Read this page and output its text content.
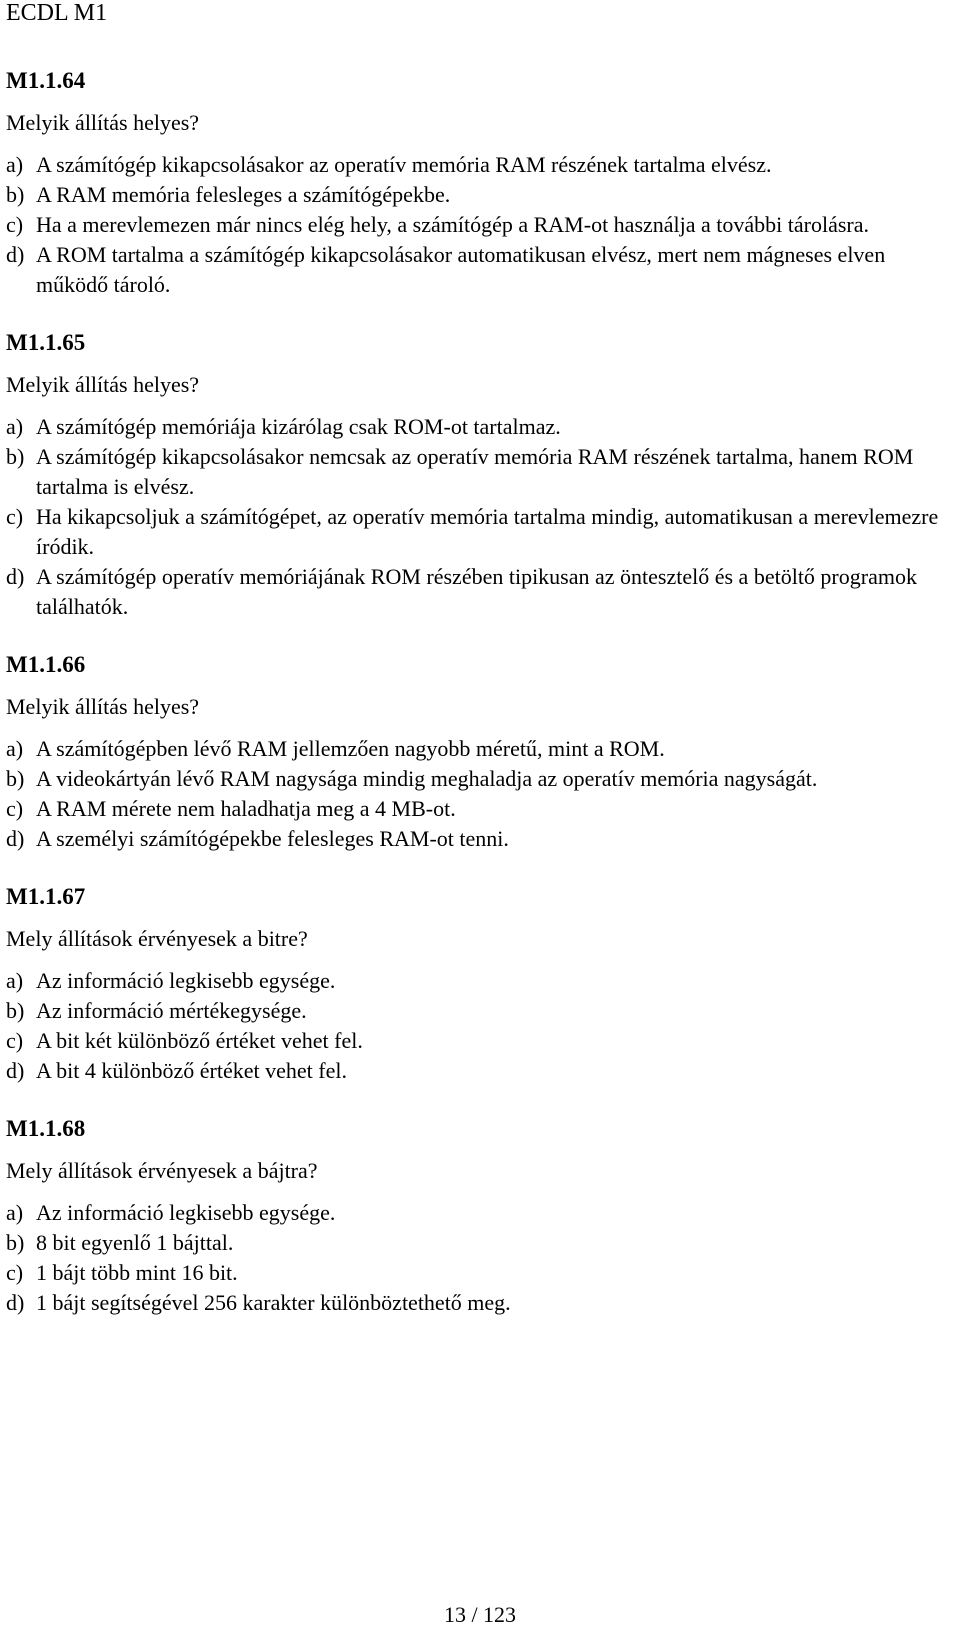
ECDL M1
M1.1.64
Melyik állítás helyes?
a) A számítógép kikapcsolásakor az operatív memória RAM részének tartalma elvész.
b) A RAM memória felesleges a számítógépekbe.
c) Ha a merevlemezen már nincs elég hely, a számítógép a RAM-ot használja a további tárolásra.
d) A ROM tartalma a számítógép kikapcsolásakor automatikusan elvész, mert nem mágneses elven működő tároló.
M1.1.65
Melyik állítás helyes?
a) A számítógép memóriája kizárólag csak ROM-ot tartalmaz.
b) A számítógép kikapcsolásakor nemcsak az operatív memória RAM részének tartalma, hanem ROM tartalma is elvész.
c) Ha kikapcsoljuk a számítógépet, az operatív memória tartalma mindig, automatikusan a merevlemezre íródik.
d) A számítógép operatív memóriájának ROM részében tipikusan az öntesztelő és a betöltő programok találhatók.
M1.1.66
Melyik állítás helyes?
a) A számítógépben lévő RAM jellemzően nagyobb méretű, mint a ROM.
b) A videokártyán lévő RAM nagysága mindig meghaladja az operatív memória nagyságát.
c) A RAM mérete nem haladhatja meg a 4 MB-ot.
d) A személyi számítógépekbe felesleges RAM-ot tenni.
M1.1.67
Mely állítások érvényesek a bitre?
a) Az információ legkisebb egysége.
b) Az információ mértékegysége.
c) A bit két különböző értéket vehet fel.
d) A bit 4 különböző értéket vehet fel.
M1.1.68
Mely állítások érvényesek a bájtra?
a) Az információ legkisebb egysége.
b) 8 bit egyenlő 1 bájttal.
c) 1 bájt több mint 16 bit.
d) 1 bájt segítségével 256 karakter különböztethető meg.
13 / 123
